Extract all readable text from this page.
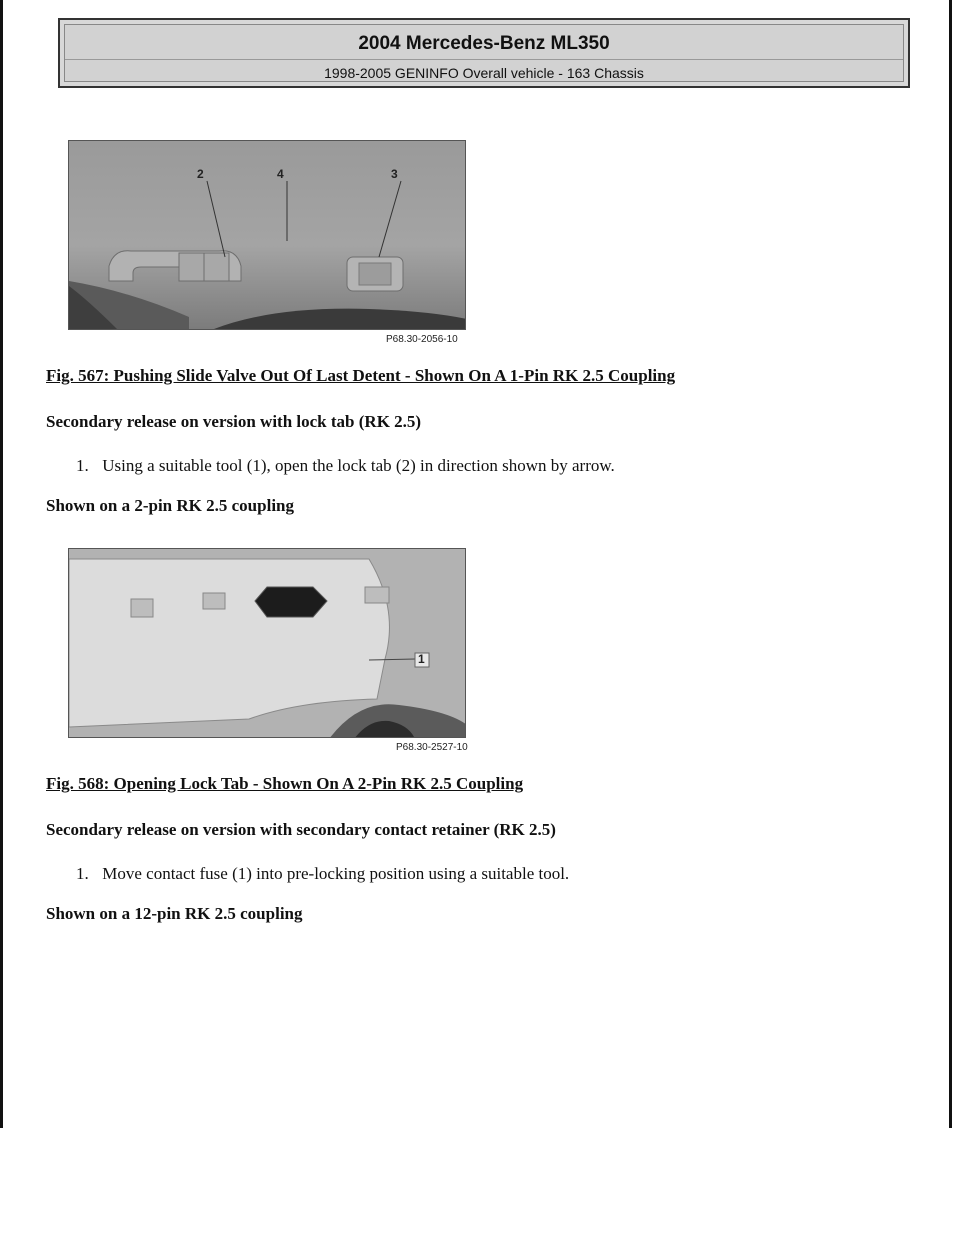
2004 Mercedes-Benz ML350
1998-2005 GENINFO Overall vehicle - 163 Chassis
2	4	3
P68.30-2056-10
Fig. 567: Pushing Slide Valve Out Of Last Detent - Shown On A 1-Pin RK 2.5 Coupling
Secondary release on version with lock tab (RK 2.5)
1. Using a suitable tool (1), open the lock tab (2) in direction shown by arrow.
Shown on a 2-pin RK 2.5 coupling
1
P68.30-2527-10
Fig. 568: Opening Lock Tab - Shown On A 2-Pin RK 2.5 Coupling
Secondary release on version with secondary contact retainer (RK 2.5)
1. Move contact fuse (1) into pre-locking position using a suitable tool.
Shown on a 12-pin RK 2.5 coupling
